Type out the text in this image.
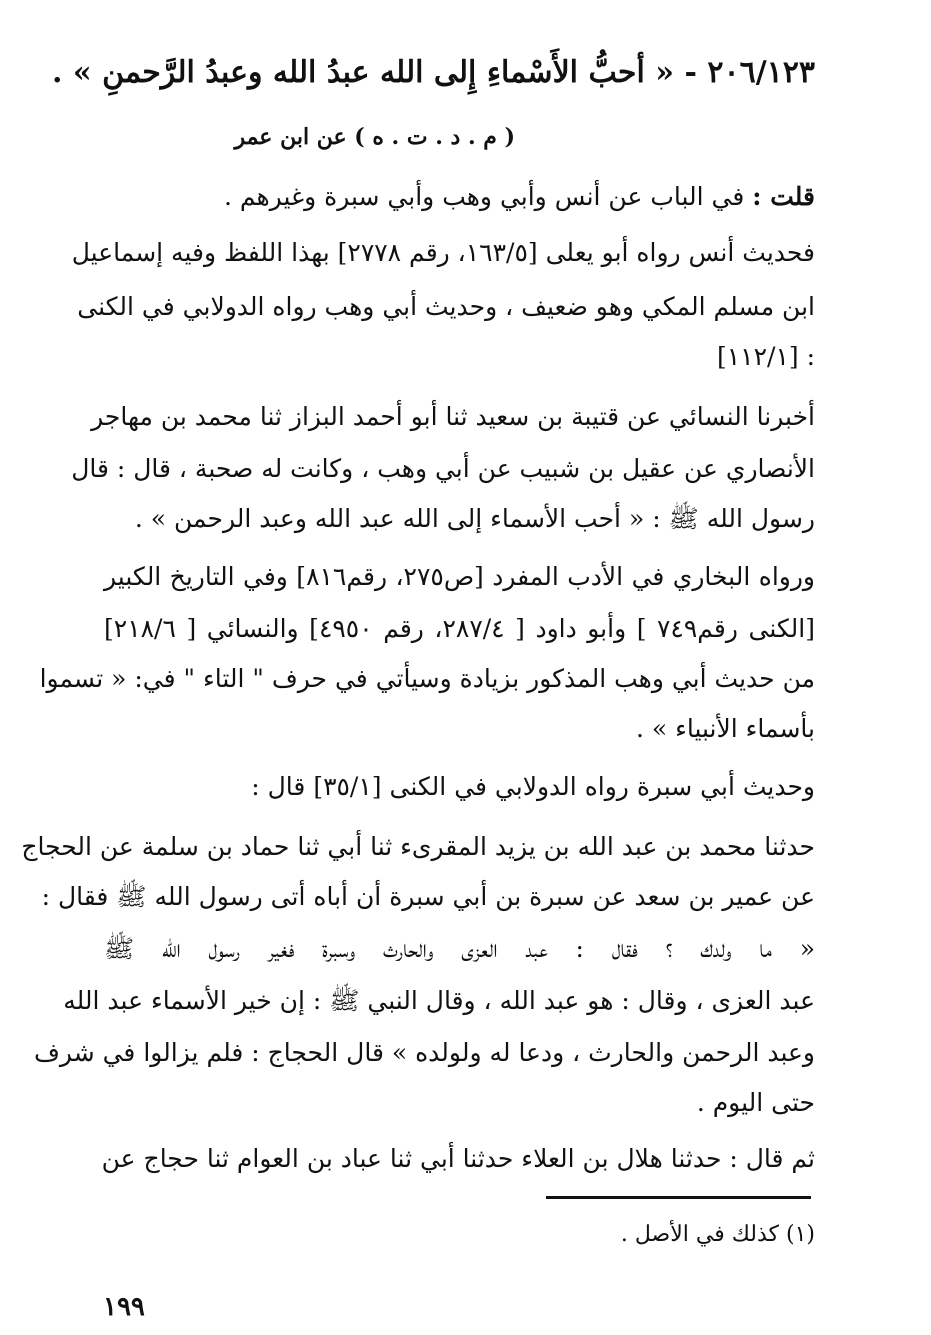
٢٠٦/١٢٣ - « أحبُّ الأَسْماءِ إِلى الله عبدُ الله وعبدُ الرَّحمنِ » .
( م . د . ت . ه ) عن ابن عمر
قلت : في الباب عن أنس وأبي وهب وأبي سبرة وغيرهم .
فحديث أنس رواه أبو يعلى [١٦٣/٥، رقم ٢٧٧٨] بهذا اللفظ وفيه إسماعيل
ابن مسلم المكي وهو ضعيف ، وحديث أبي وهب رواه الدولابي في الكنى
: [١١٢/١]
أخبرنا النسائي عن قتيبة بن سعيد ثنا أبو أحمد البزاز ثنا محمد بن مهاجر
الأنصاري عن عقيل بن شبيب عن أبي وهب ، وكانت له صحبة ، قال : قال
رسول الله ﷺ : « أحب الأسماء إلى الله عبد الله وعبد الرحمن » .
ورواه البخاري في الأدب المفرد [ص٢٧٥، رقم٨١٦] وفي التاريخ الكبير
[الكنى رقم٧٤٩ ] وأبو داود [ ٢٨٧/٤، رقم ٤٩٥٠] والنسائي [ ٢١٨/٦]
من حديث أبي وهب المذكور بزيادة وسيأتي في حرف " التاء " في: « تسموا
بأسماء الأنبياء » .
وحديث أبي سبرة رواه الدولابي في الكنى [٣٥/١] قال :
حدثنا محمد بن عبد الله بن يزيد المقرىء ثنا أبي ثنا حماد بن سلمة عن الحجاج
عن عمير بن سعد عن سبرة بن أبي سبرة أن أباه أتى رسول الله ﷺ فقال :
« ما ولدك ؟ فقال : عبد العزى والحارث وسبرة فغير رسول الله ﷺ
عبد العزى ، وقال : هو عبد الله ، وقال النبي ﷺ : إن خير الأسماء عبد الله
وعبد الرحمن والحارث ، ودعا له ولولده » قال الحجاج : فلم يزالوا في شرف
حتى اليوم .
ثم قال : حدثنا هلال بن العلاء حدثنا أبي ثنا عباد بن العوام ثنا حجاج عن
(١) كذلك في الأصل .
١٩٩
